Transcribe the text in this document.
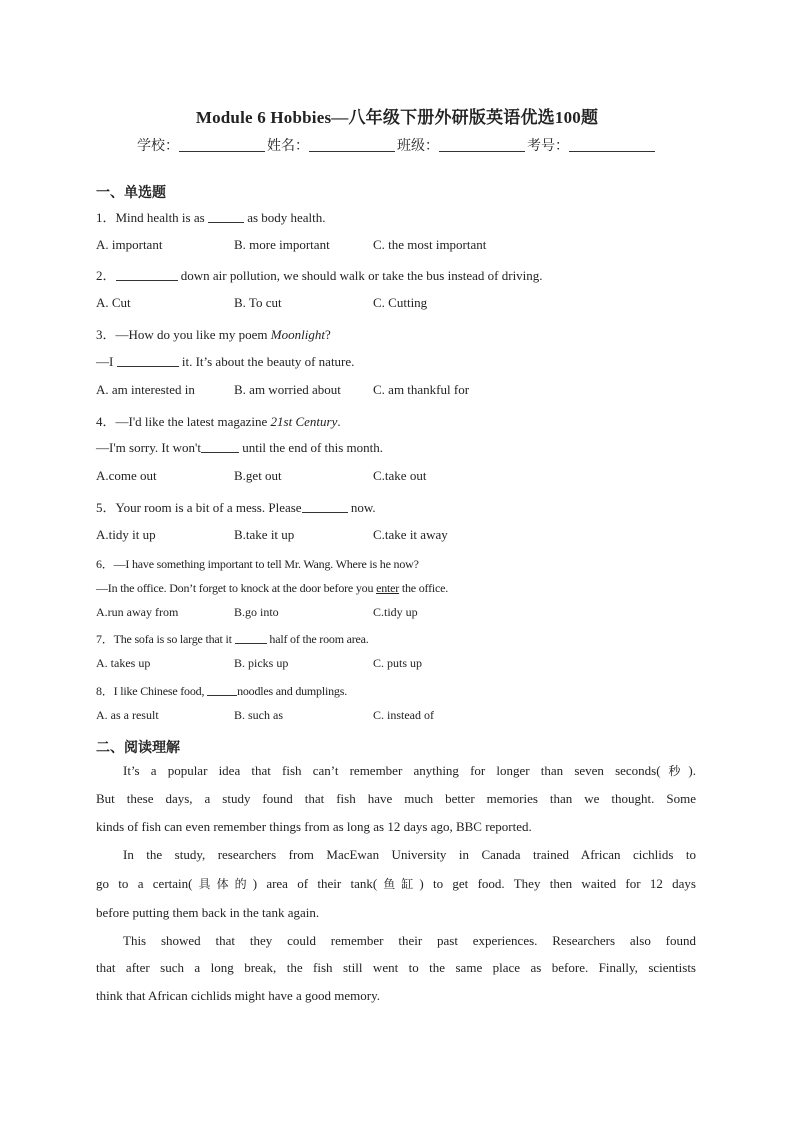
Module 6 Hobbies—八年级下册外研版英语优选100题
学校：	姓名：	班级：	考号：
一、单选题
1．Mind health is as	as body health.
A. important	B. more important	C. the most important
2．	down air pollution, we should walk or take the bus instead of driving.
A. Cut	B. To cut	C. Cutting
3．—How do you like my poem Moonlight?
—I	it. It’s about the beauty of nature.
A. am interested in	B. am worried about C. am thankful for
4．—I'd like the latest magazine 21st Century.
—I'm sorry. It won't	until the end of this month.
A.come out	B.get out	C.take out
5．Your room is a bit of a mess. Please	now.
A.tidy it up	B.take it up	C.take it away
6．—I have something important to tell Mr. Wang. Where is he now?
—In the office. Don’t forget to knock at the door before you enter the office.
A.run away from	B.go into	C.tidy up
7．The sofa is so large that it	half of the room area.
A. takes up	B. picks up	C. puts up
8．I like Chinese food,	noodles and dumplings.
A. as a result	B. such as	C. instead of
二、阅读理解
It’s a popular idea that fish can’t remember anything for longer than seven seconds(秒).
But these days, a study found that fish have much better memories than we thought. Some
kinds of fish can even remember things from as long as 12 days ago, BBC reported.
In the study, researchers from MacEwan University in Canada trained African cichlids to
go to a certain(具体的) area of their tank(鱼缸) to get food. They then waited for 12 days
before putting them back in the tank again.
This showed that they could remember their past experiences. Researchers also found
that after such a long break, the fish still went to the same place as before. Finally, scientists
think that African cichlids might have a good memory.
